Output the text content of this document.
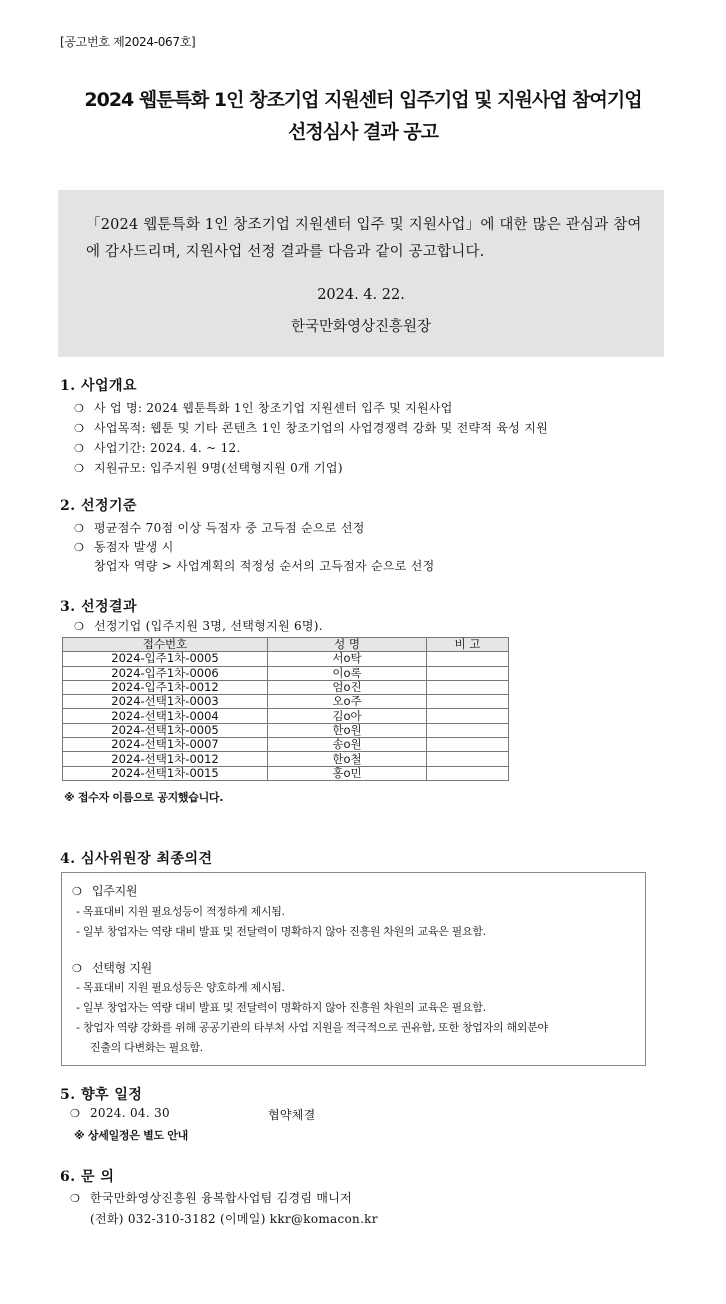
[공고번호 제2024-067호]
2024 웹툰특화 1인 창조기업 지원센터 입주기업 및 지원사업 참여기업
선정심사 결과 공고
「2024 웹툰특화 1인 창조기업 지원센터 입주 및 지원사업」에 대한 많은 관심과 참여에 감사드리며, 지원사업 선정 결과를 다음과 같이 공고합니다.
2024. 4. 22.
한국만화영상진흥원장
1. 사업개요
❍ 사 업 명: 2024 웹툰특화 1인 창조기업 지원센터 입주 및 지원사업
❍ 사업목적: 웹툰 및 기타 콘텐츠 1인 창조기업의 사업경쟁력 강화 및 전략적 육성 지원
❍ 사업기간: 2024. 4. ~ 12.
❍ 지원규모: 입주지원 9명(선택형지원 0개 기업)
2. 선정기준
❍ 평균점수 70점 이상 득점자 중 고득점 순으로 선정
❍ 동점자 발생 시
창업자 역량 > 사업계획의 적정성 순서의 고득점자 순으로 선정
3. 선정결과
❍ 선정기업 (입주지원 3명, 선택형지원 6명).
접수번호	성 명	비 고
2024-입주1차-0005	서o탁	
2024-입주1차-0006	이o록	
2024-입주1차-0012	엄o진	
2024-선택1차-0003	오o주	
2024-선택1차-0004	김o아	
2024-선택1차-0005	한o원	
2024-선택1차-0007	송o원	
2024-선택1차-0012	한o철	
2024-선택1차-0015	홍o민	
※ 접수자 이름으로 공지했습니다.
4. 심사위원장 최종의견
❍ 입주지원
- 목표대비 지원 필요성등이 적정하게 제시됨.
- 일부 창업자는 역량 대비 발표 및 전달력이 명확하지 않아 진흥원 차원의 교육은 필요함.
❍ 선택형 지원
- 목표대비 지원 필요성등은 양호하게 제시됨.
- 일부 창업자는 역량 대비 발표 및 전달력이 명확하지 않아 진흥원 차원의 교육은 필요함.
- 창업자 역량 강화를 위해 공공기관의 타부처 사업 지원을 적극적으로 권유함, 또한 창업자의 해외분야
진출의 다변화는 필요함.
5. 향후 일정
❍ 2024. 04. 30	협약체결
※ 상세일정은 별도 안내
6. 문 의
❍ 한국만화영상진흥원 융복합사업팀 김경림 매니저
(전화) 032-310-3182 (이메일) kkr@komacon.kr
